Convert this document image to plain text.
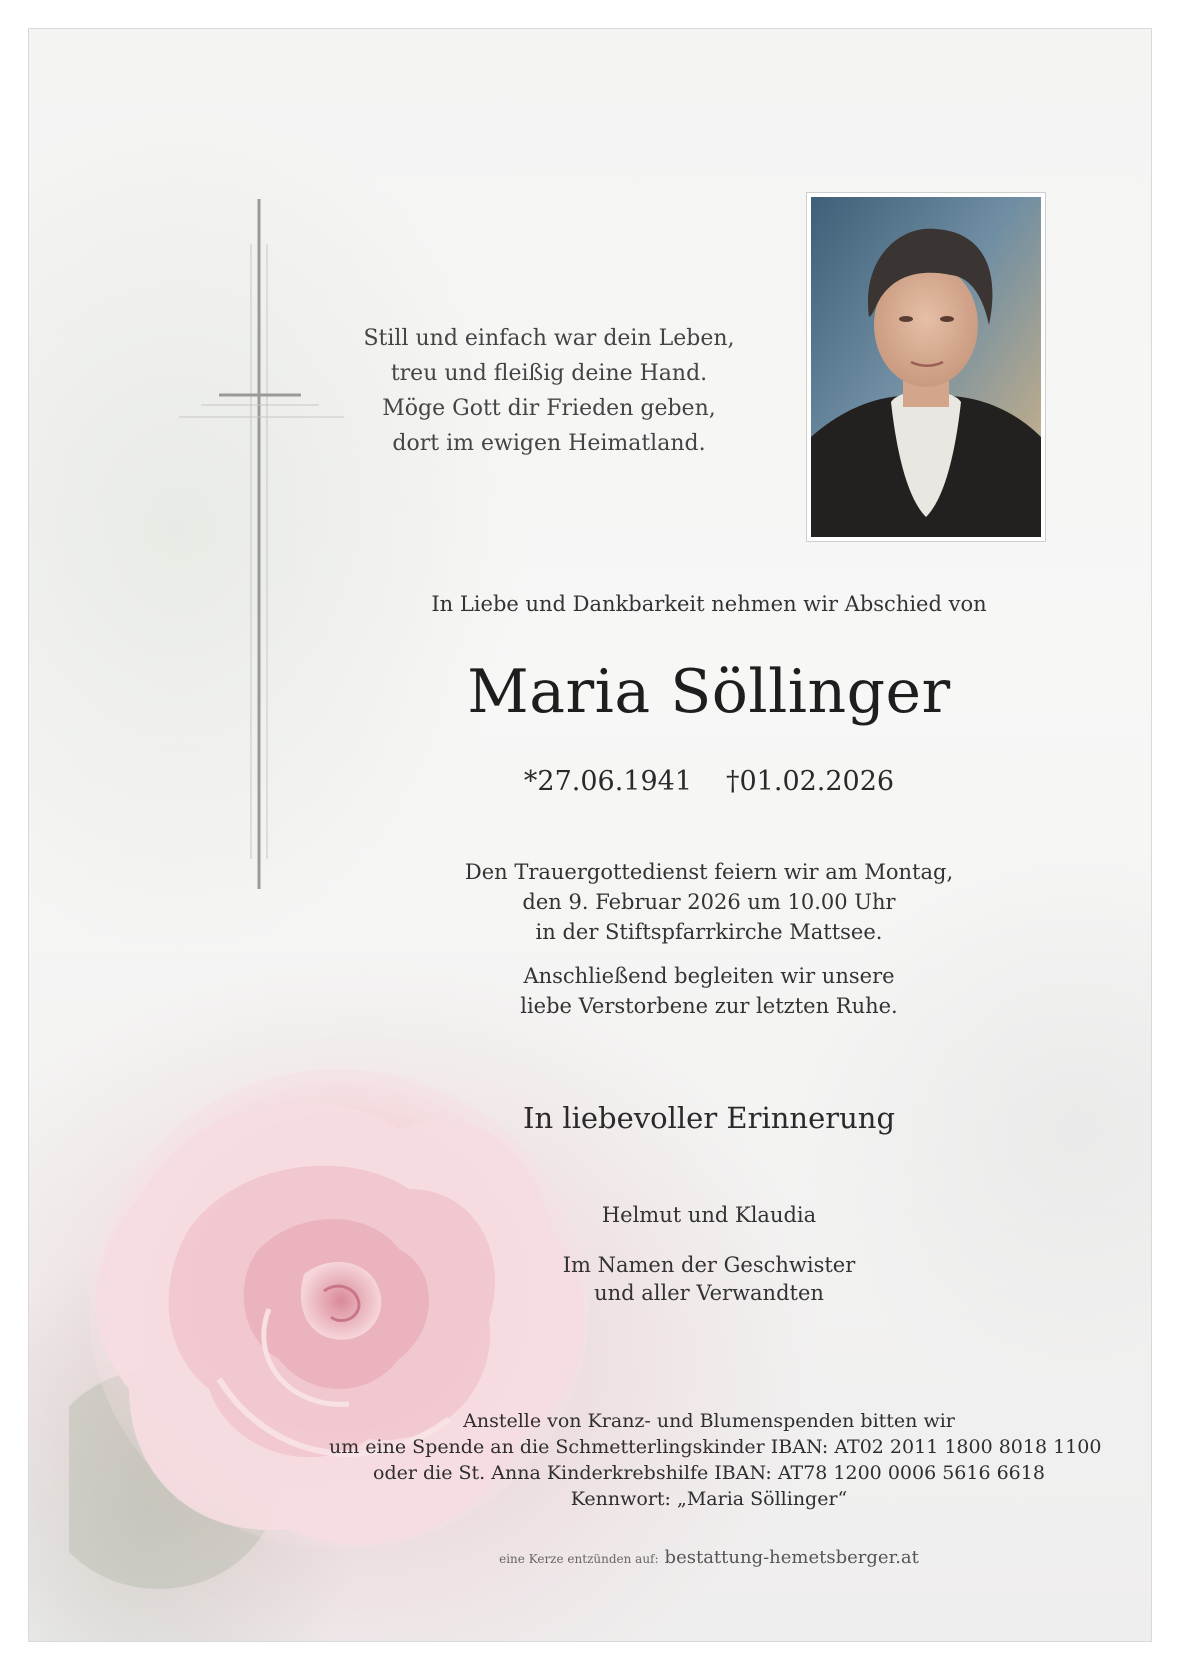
Still und einfach war dein Leben,
treu und fleißig deine Hand.
Möge Gott dir Frieden geben,
dort im ewigen Heimatland.
In Liebe und Dankbarkeit nehmen wir Abschied von
Maria Söllinger
*27.06.1941 †01.02.2026
Den Trauergottedienst feiern wir am Montag,
den 9. Februar 2026 um 10.00 Uhr
in der Stiftspfarrkirche Mattsee.
Anschließend begleiten wir unsere
liebe Verstorbene zur letzten Ruhe.
In liebevoller Erinnerung
Helmut und Klaudia
Im Namen der Geschwister
und aller Verwandten
Anstelle von Kranz- und Blumenspenden bitten wir
um eine Spende an die Schmetterlingskinder IBAN: AT02 2011 1800 8018 1100
oder die St. Anna Kinderkrebshilfe IBAN: AT78 1200 0006 5616 6618
Kennwort: „Maria Söllinger“
eine Kerze entzünden auf: bestattung-hemetsberger.at
